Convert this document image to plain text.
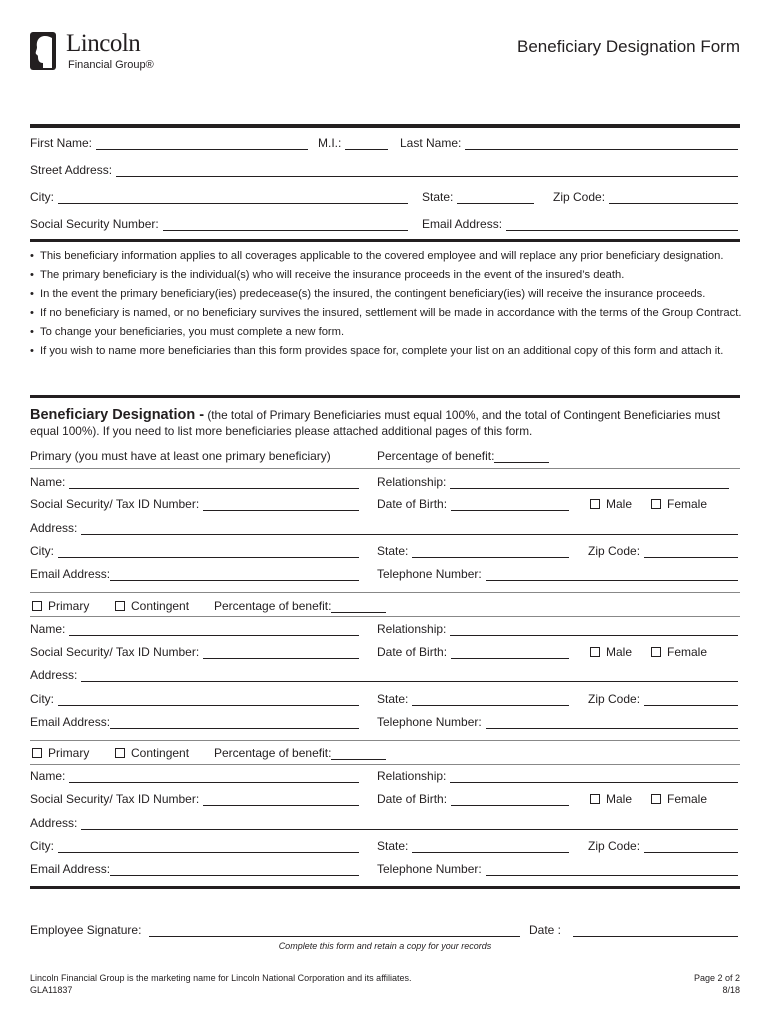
Lincoln
Financial Group®
Beneficiary Designation Form
First Name:	M.I.:	Last Name:
Street Address:
City:	State:	Zip Code:
Social Security Number:	Email Address:
• This beneficiary information applies to all coverages applicable to the covered employee and will replace any prior beneficiary designation.
• The primary beneficiary is the individual(s) who will receive the insurance proceeds in the event of the insured’s death.
• In the event the primary beneficiary(ies) predecease(s) the insured, the contingent beneficiary(ies) will receive the insurance proceeds.
• If no beneficiary is named, or no beneficiary survives the insured, settlement will be made in accordance with the terms of the Group Contract.
• To change your beneficiaries, you must complete a new form.
• If you wish to name more beneficiaries than this form provides space for, complete your list on an additional copy of this form and attach it.
Beneficiary Designation - (the total of Primary Beneficiaries must equal 100%, and the total of Contingent Beneficiaries must equal 100%). If you need to list more beneficiaries please attached additional pages of this form.
Primary (you must have at least one primary beneficiary)	Percentage of benefit:
Name:	Relationship:
Social Security/ Tax ID Number:	Date of Birth:	Male	Female
Address:
City:	State:	Zip Code:
Email Address:	Telephone Number:
Primary	Contingent Percentage of benefit:
Name:	Relationship:
Social Security/ Tax ID Number:	Date of Birth:	Male	Female
Address:
City:	State:	Zip Code:
Email Address:	Telephone Number:
Primary	Contingent Percentage of benefit:
Name:	Relationship:
Social Security/ Tax ID Number:	Date of Birth:	Male	Female
Address:
City:	State:	Zip Code:
Email Address:	Telephone Number:
Employee Signature:	Date :
Complete this form and retain a copy for your records
Lincoln Financial Group is the marketing name for Lincoln National Corporation and its affiliates.
GLA11837
Page 2 of 2
8/18
